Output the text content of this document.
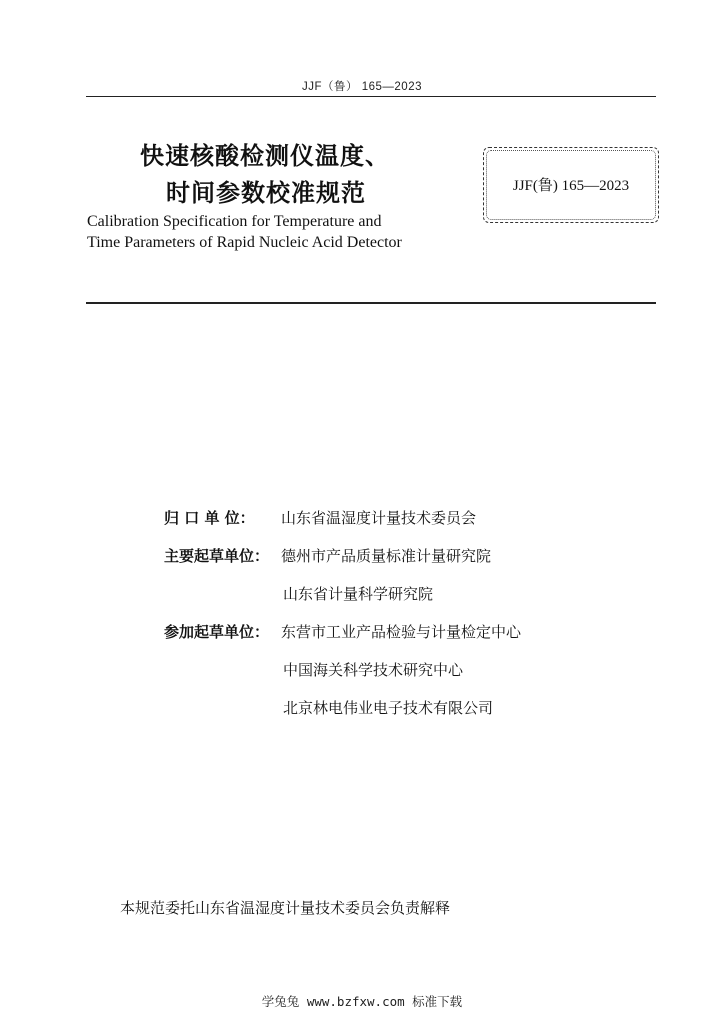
JJF（鲁） 165—2023
快速核酸检测仪温度、
时间参数校准规范
Calibration Specification for Temperature and
Time Parameters of Rapid Nucleic Acid Detector
JJF(鲁) 165—2023
归 口 单 位： 山东省温湿度计量技术委员会
主要起草单位： 德州市产品质量标准计量研究院
山东省计量科学研究院
参加起草单位： 东营市工业产品检验与计量检定中心
中国海关科学技术研究中心
北京林电伟业电子技术有限公司
本规范委托山东省温湿度计量技术委员会负责解释
学兔兔 www.bzfxw.com 标准下载
